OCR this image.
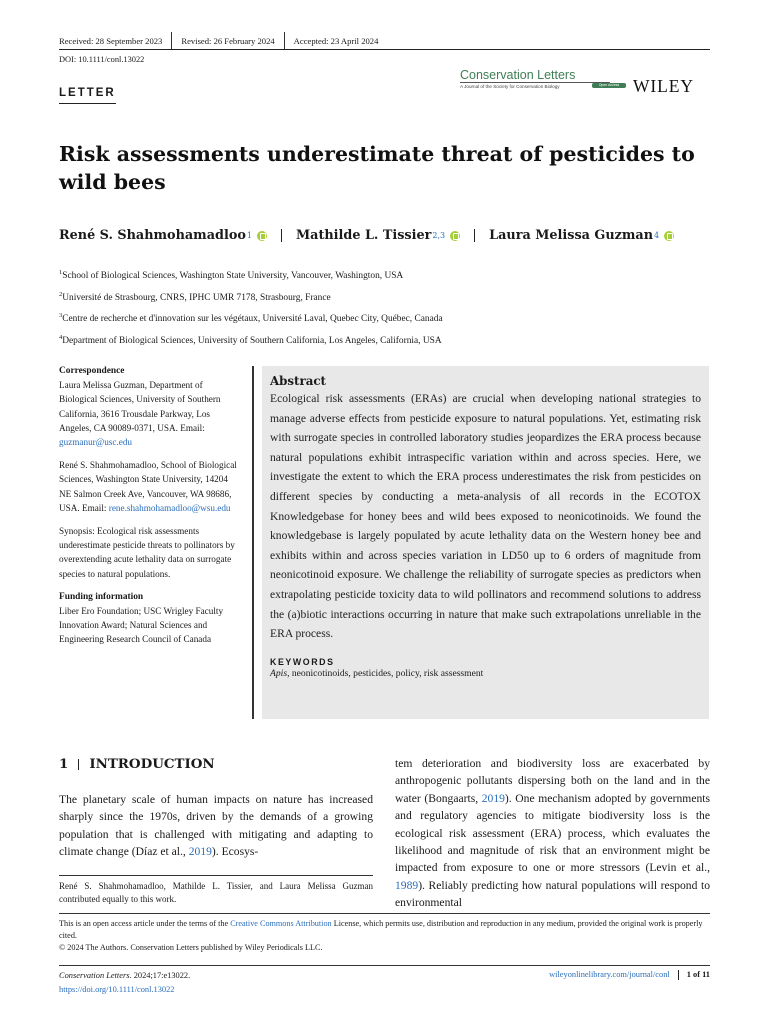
Received: 28 September 2023	Revised: 26 February 2024	Accepted: 23 April 2024
DOI: 10.1111/conl.13022
Conservation Letters
A Journal of the Society for Conservation Biology	Open Access WILEY
LETTER
Risk assessments underestimate threat of pesticides to wild bees
René S. Shahmohamadloo 1	Mathilde L. Tissier 2,3	Laura Melissa Guzman 4
$^1$School of Biological Sciences, Washington State University, Vancouver, Washington, USA
$^2$Université de Strasbourg, CNRS, IPHC UMR 7178, Strasbourg, France
$^3$Centre de recherche et d'innovation sur les végétaux, Université Laval, Quebec City, Québec, Canada
$^4$Department of Biological Sciences, University of Southern California, Los Angeles, California, USA
Correspondence

Laura Melissa Guzman, Department of Biological Sciences, University of Southern California, 3616 Trousdale Parkway, Los Angeles, CA 90089-0371, USA. Email: guzmanur@usc.edu

René S. Shahmohamadloo, School of Biological Sciences, Washington State University, 14204 NE Salmon Creek Ave, Vancouver, WA 98686, USA. Email: rene.shahmohamadloo@wsu.edu

Synopsis: Ecological risk assessments underestimate pesticide threats to pollinators by overextending acute lethality data on surrogate species to natural populations.

Funding information

Liber Ero Foundation; USC Wrigley Faculty Innovation Award; Natural Sciences and Engineering Research Council of Canada

Abstract
Ecological risk assessments (ERAs) are crucial when developing national strategies to manage adverse effects from pesticide exposure to natural populations. Yet, estimating risk with surrogate species in controlled laboratory studies jeopardizes the ERA process because natural populations exhibit intraspecific variation within and across species. Here, we investigate the extent to which the ERA process underestimates the risk from pesticides on different species by conducting a meta-analysis of all records in the ECOTOX Knowledgebase for honey bees and wild bees exposed to neonicotinoids. We found the knowledgebase is largely populated by acute lethality data on the Western honey bee and exhibits within and across species variation in LD50 up to 6 orders of magnitude from neonicotinoid exposure. We challenge the reliability of surrogate species as predictors when extrapolating pesticide toxicity data to wild pollinators and recommend solutions to address the (a)biotic interactions occurring in nature that make such extrapolations unreliable in the ERA process.
KEYWORDS
Apis, neonicotinoids, pesticides, policy, risk assessment
1 INTRODUCTION
The planetary scale of human impacts on nature has increased sharply since the 1970s, driven by the demands of a growing population that is challenged with mitigating and adapting to climate change (Díaz et al., 2019). Ecosys-
René S. Shahmohamadloo, Mathilde L. Tissier, and Laura Melissa Guzman contributed equally to this work.
tem deterioration and biodiversity loss are exacerbated by anthropogenic pollutants dispersing both on the land and in the water (Bongaarts, 2019). One mechanism adopted by governments and regulatory agencies to mitigate biodiversity loss is the ecological risk assessment (ERA) process, which evaluates the likelihood and magnitude of risk that an environment might be impacted from exposure to one or more stressors (Levin et al., 1989). Reliably predicting how natural populations will respond to environmental
This is an open access article under the terms of the Creative Commons Attribution License, which permits use, distribution and reproduction in any medium, provided the original work is properly cited.
© 2024 The Authors. Conservation Letters published by Wiley Periodicals LLC.
Conservation Letters. 2024;17:e13022.
https://doi.org/10.1111/conl.13022
wileyonlinelibrary.com/journal/conl 1 of 11
